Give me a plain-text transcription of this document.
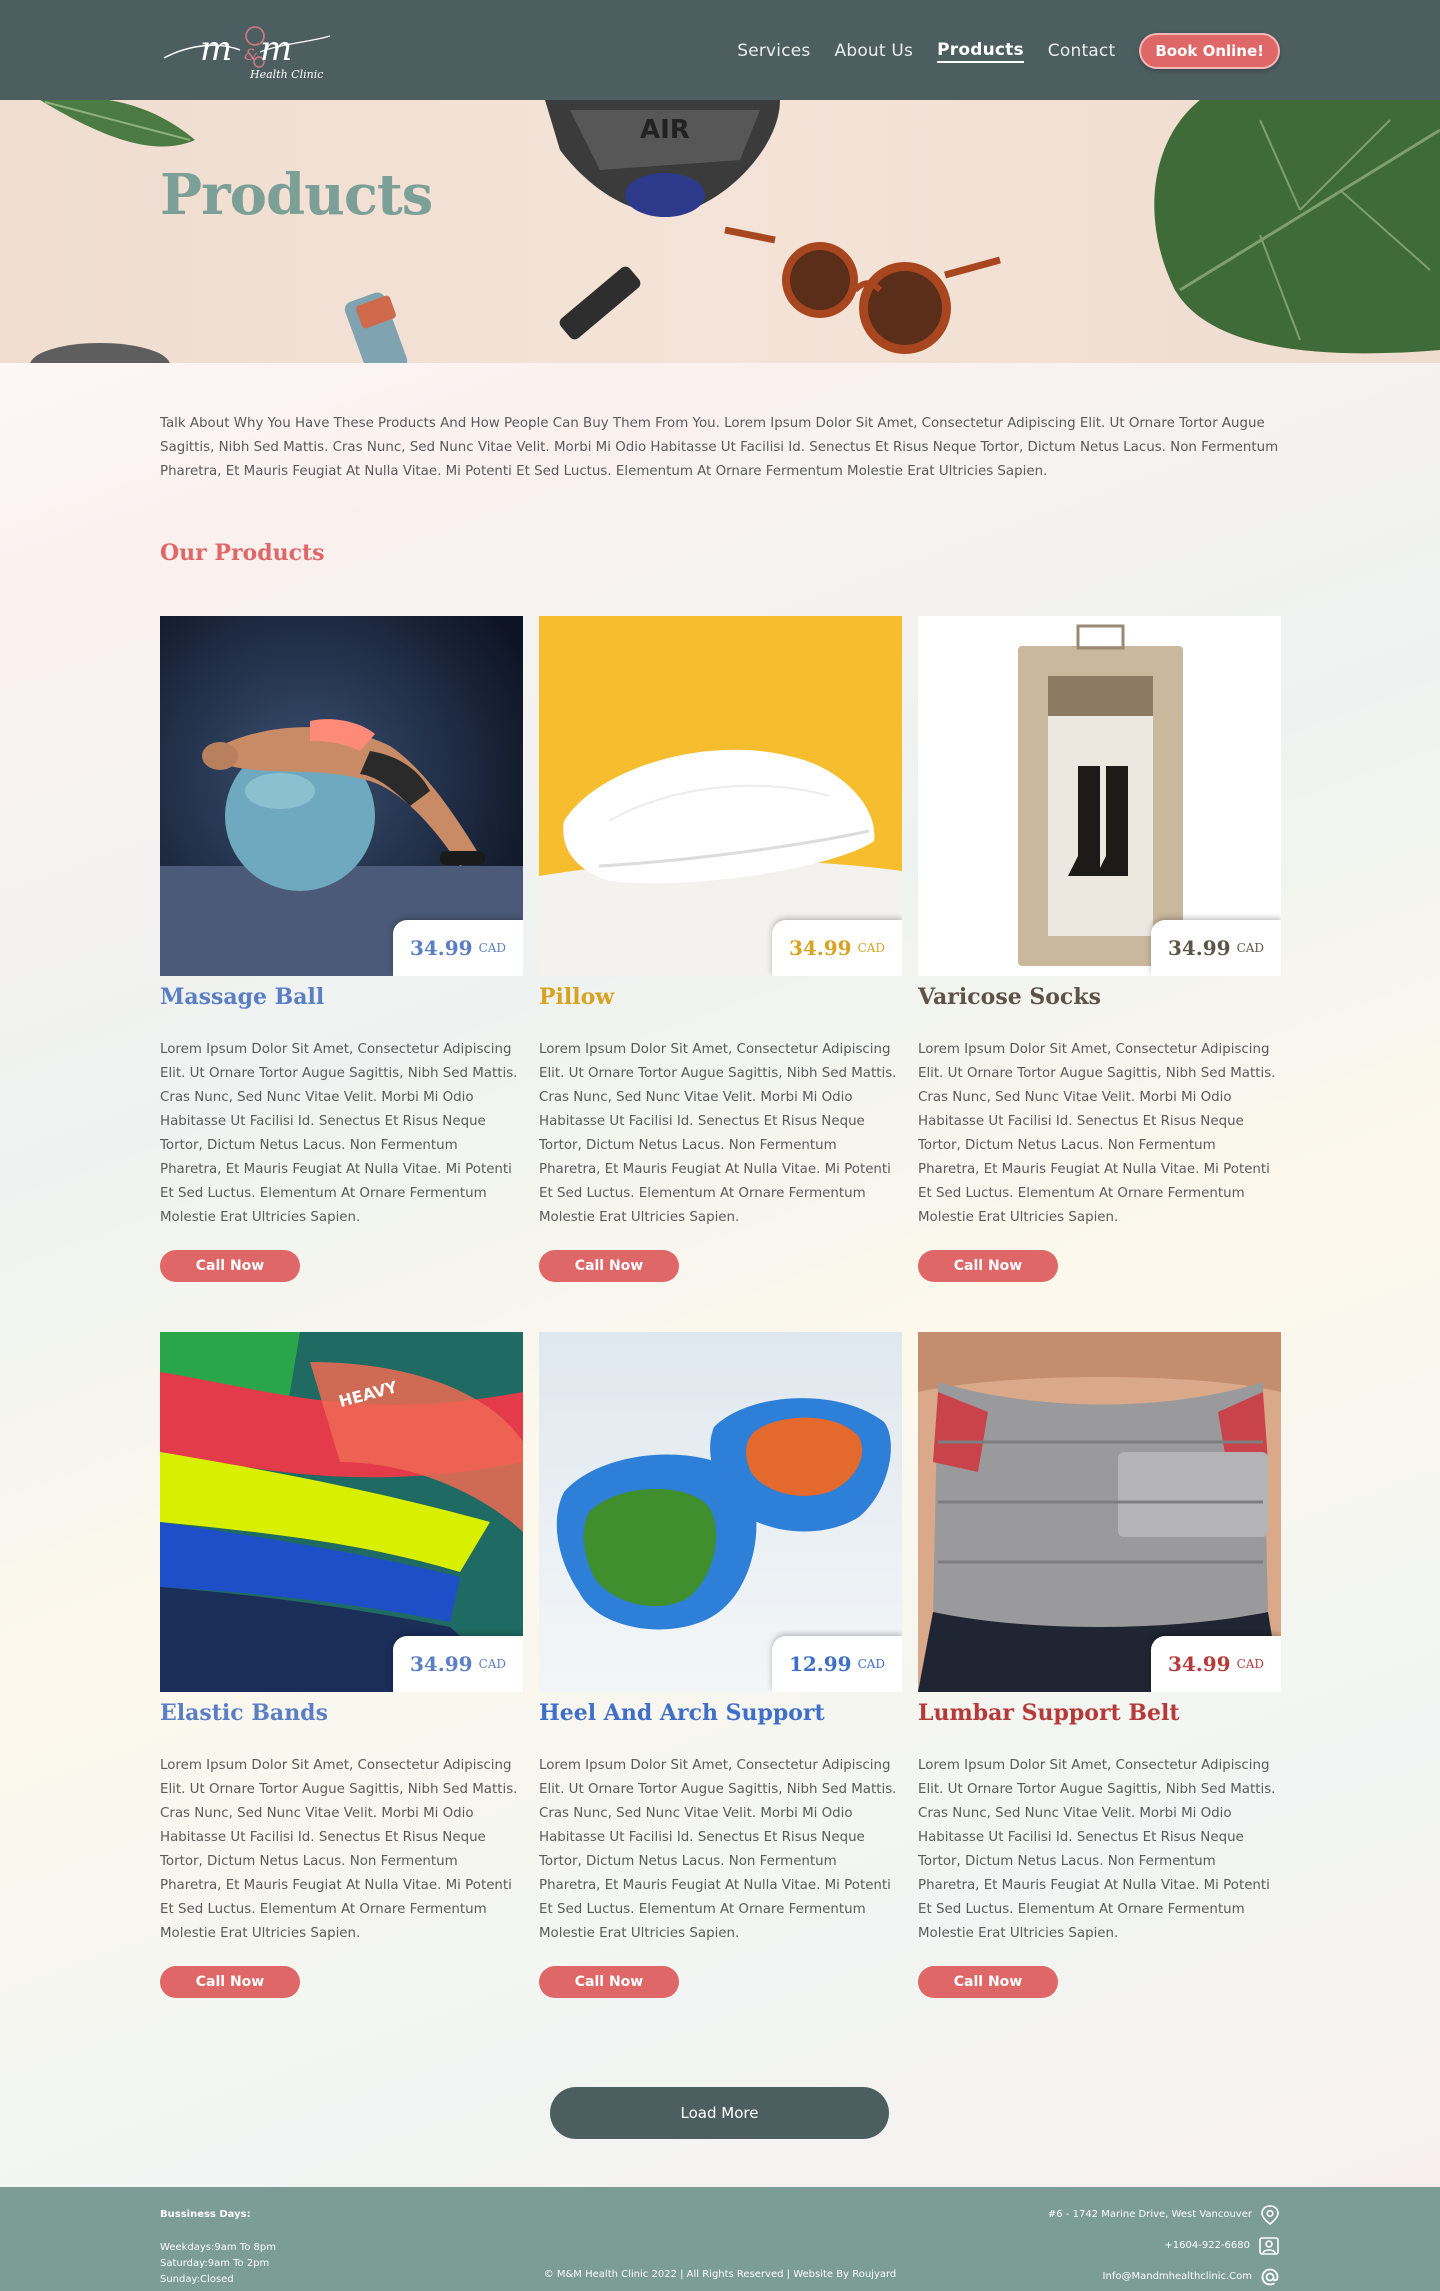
m & m
Health Clinic
Services About Us Products Contact	Book Online!
AIR
Products

Talk About Why You Have These Products And How People Can Buy Them From You. Lorem Ipsum Dolor Sit Amet, Consectetur Adipiscing Elit. Ut Ornare Tortor Augue Sagittis, Nibh Sed Mattis. Cras Nunc, Sed Nunc Vitae Velit. Morbi Mi Odio Habitasse Ut Facilisi Id. Senectus Et Risus Neque Tortor, Dictum Netus Lacus. Non Fermentum Pharetra, Et Mauris Feugiat At Nulla Vitae. Mi Potenti Et Sed Luctus. Elementum At Ornare Fermentum Molestie Erat Ultricies Sapien.

Our Products
34.99 CAD
Massage Ball

Lorem Ipsum Dolor Sit Amet, Consectetur Adipiscing Elit. Ut Ornare Tortor Augue Sagittis, Nibh Sed Mattis. Cras Nunc, Sed Nunc Vitae Velit. Morbi Mi Odio Habitasse Ut Facilisi Id. Senectus Et Risus Neque Tortor, Dictum Netus Lacus. Non Fermentum Pharetra, Et Mauris Feugiat At Nulla Vitae. Mi Potenti Et Sed Luctus. Elementum At Ornare Fermentum Molestie Erat Ultricies Sapien.

Call Now
34.99 CAD
Pillow

Lorem Ipsum Dolor Sit Amet, Consectetur Adipiscing Elit. Ut Ornare Tortor Augue Sagittis, Nibh Sed Mattis. Cras Nunc, Sed Nunc Vitae Velit. Morbi Mi Odio Habitasse Ut Facilisi Id. Senectus Et Risus Neque Tortor, Dictum Netus Lacus. Non Fermentum Pharetra, Et Mauris Feugiat At Nulla Vitae. Mi Potenti Et Sed Luctus. Elementum At Ornare Fermentum Molestie Erat Ultricies Sapien.

Call Now
34.99 CAD
Varicose Socks

Lorem Ipsum Dolor Sit Amet, Consectetur Adipiscing Elit. Ut Ornare Tortor Augue Sagittis, Nibh Sed Mattis. Cras Nunc, Sed Nunc Vitae Velit. Morbi Mi Odio Habitasse Ut Facilisi Id. Senectus Et Risus Neque Tortor, Dictum Netus Lacus. Non Fermentum Pharetra, Et Mauris Feugiat At Nulla Vitae. Mi Potenti Et Sed Luctus. Elementum At Ornare Fermentum Molestie Erat Ultricies Sapien.

Call Now
HEAVY
34.99 CAD
Elastic Bands

Lorem Ipsum Dolor Sit Amet, Consectetur Adipiscing Elit. Ut Ornare Tortor Augue Sagittis, Nibh Sed Mattis. Cras Nunc, Sed Nunc Vitae Velit. Morbi Mi Odio Habitasse Ut Facilisi Id. Senectus Et Risus Neque Tortor, Dictum Netus Lacus. Non Fermentum Pharetra, Et Mauris Feugiat At Nulla Vitae. Mi Potenti Et Sed Luctus. Elementum At Ornare Fermentum Molestie Erat Ultricies Sapien.

Call Now
12.99 CAD
Heel And Arch Support

Lorem Ipsum Dolor Sit Amet, Consectetur Adipiscing Elit. Ut Ornare Tortor Augue Sagittis, Nibh Sed Mattis. Cras Nunc, Sed Nunc Vitae Velit. Morbi Mi Odio Habitasse Ut Facilisi Id. Senectus Et Risus Neque Tortor, Dictum Netus Lacus. Non Fermentum Pharetra, Et Mauris Feugiat At Nulla Vitae. Mi Potenti Et Sed Luctus. Elementum At Ornare Fermentum Molestie Erat Ultricies Sapien.

Call Now
34.99 CAD
Lumbar Support Belt

Lorem Ipsum Dolor Sit Amet, Consectetur Adipiscing Elit. Ut Ornare Tortor Augue Sagittis, Nibh Sed Mattis. Cras Nunc, Sed Nunc Vitae Velit. Morbi Mi Odio Habitasse Ut Facilisi Id. Senectus Et Risus Neque Tortor, Dictum Netus Lacus. Non Fermentum Pharetra, Et Mauris Feugiat At Nulla Vitae. Mi Potenti Et Sed Luctus. Elementum At Ornare Fermentum Molestie Erat Ultricies Sapien.

Call Now
Load More
Bussiness Days:
Weekdays:9am To 8pm
Saturday:9am To 2pm
Sunday:Closed	© M&M Health Clinic 2022 | All Rights Reserved | Website By Roujyard
#6 - 1742 Marine Drive, West Vancouver
+1604-922-6680
Info@Mandmhealthclinic.Com
